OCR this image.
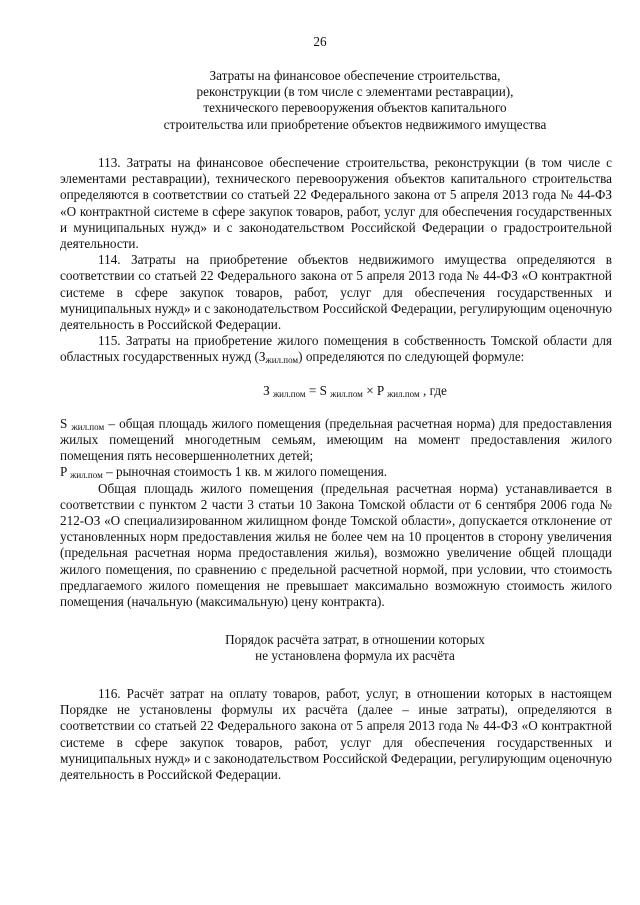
26
Затраты на финансовое обеспечение строительства,
реконструкции (в том числе с элементами реставрации),
технического перевооружения объектов капитального
строительства или приобретение объектов недвижимого имущества

113. Затраты на финансовое обеспечение строительства, реконструкции (в том числе с элементами реставрации), технического перевооружения объектов капитального строительства определяются в соответствии со статьей 22 Федерального закона от 5 апреля 2013 года № 44-ФЗ «О контрактной системе в сфере закупок товаров, работ, услуг для обеспечения государственных и муниципальных нужд» и с законодательством Российской Федерации о градостроительной деятельности.

114. Затраты на приобретение объектов недвижимого имущества определяются в соответствии со статьей 22 Федерального закона от 5 апреля 2013 года № 44-ФЗ «О контрактной системе в сфере закупок товаров, работ, услуг для обеспечения государственных и муниципальных нужд» и с законодательством Российской Федерации, регулирующим оценочную деятельность в Российской Федерации.

115. Затраты на приобретение жилого помещения в собственность Томской области для областных государственных нужд $(З_{жил.пом})$ определяются по следующей формуле:

З $_{жил.пом}$ = S $_{жил.пом}$ × P $_{жил.пом}$ , где

S $_{жил.пом}$ – общая площадь жилого помещения (предельная расчетная норма) для предоставления жилых помещений многодетным семьям, имеющим на момент предоставления жилого помещения пять несовершеннолетних детей;

P $_{жил.пом}$ – рыночная стоимость 1 кв. м жилого помещения.

Общая площадь жилого помещения (предельная расчетная норма) устанавливается в соответствии с пунктом 2 части 3 статьи 10 Закона Томской области от 6 сентября 2006 года № 212-ОЗ «О специализированном жилищном фонде Томской области», допускается отклонение от установленных норм предоставления жилья не более чем на 10 процентов в сторону увеличения (предельная расчетная норма предоставления жилья), возможно увеличение общей площади жилого помещения, по сравнению с предельной расчетной нормой, при условии, что стоимость предлагаемого жилого помещения не превышает максимально возможную стоимость жилого помещения (начальную (максимальную) цену контракта).

Порядок расчёта затрат, в отношении которых
не установлена формула их расчёта

116. Расчёт затрат на оплату товаров, работ, услуг, в отношении которых в настоящем Порядке не установлены формулы их расчёта (далее – иные затраты), определяются в соответствии со статьей 22 Федерального закона от 5 апреля 2013 года № 44-ФЗ «О контрактной системе в сфере закупок товаров, работ, услуг для обеспечения государственных и муниципальных нужд» и с законодательством Российской Федерации, регулирующим оценочную деятельность в Российской Федерации.
